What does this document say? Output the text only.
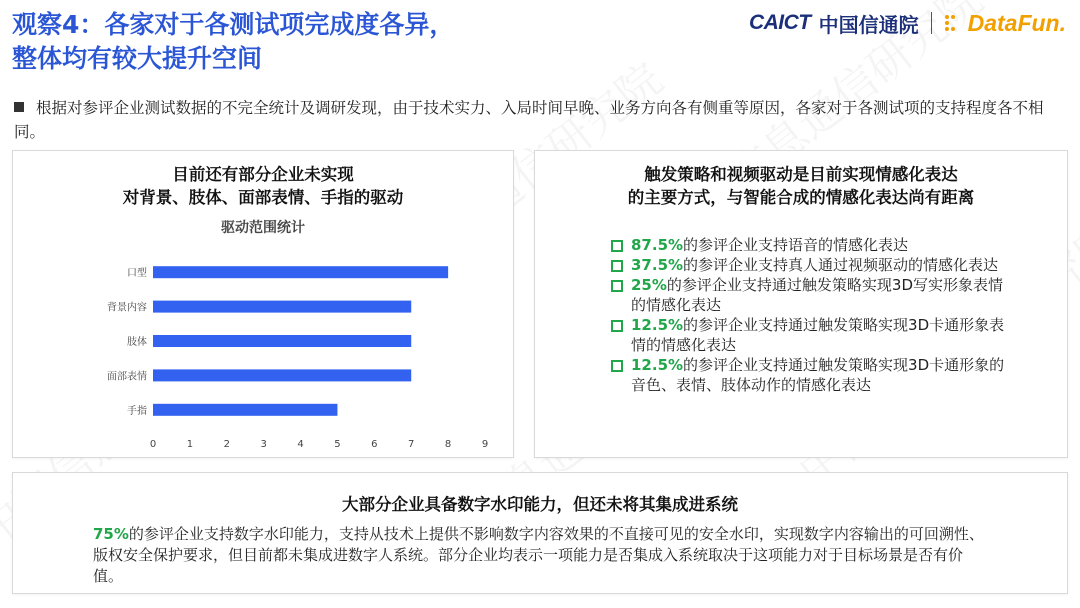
观察4：各家对于各测试项完成度各异，
整体均有较大提升空间
CAICT 中国信通院 DataFun.
根据对参评企业测试数据的不完全统计及调研发现，由于技术实力、入局时间早晚、业务方向各有侧重等原因，各家对于各测试项的支持程度各不相同。
目前还有部分企业未实现
对背景、肢体、面部表情、手指的驱动
驱动范围统计
口型
背景内容
肢体
面部表情
手指
0	1	2	3	4	5	6	7	8	9
触发策略和视频驱动是目前实现情感化表达
的主要方式，与智能合成的情感化表达尚有距离
87.5%的参评企业支持语音的情感化表达
37.5%的参评企业支持真人通过视频驱动的情感化表达
25%的参评企业支持通过触发策略实现3D写实形象表情的情感化表达
12.5%的参评企业支持通过触发策略实现3D卡通形象表情的情感化表达
12.5%的参评企业支持通过触发策略实现3D卡通形象的音色、表情、肢体动作的情感化表达
大部分企业具备数字水印能力，但还未将其集成进系统
75%的参评企业支持数字水印能力，支持从技术上提供不影响数字内容效果的不直接可见的安全水印，实现数字内容输出的可回溯性、版权安全保护要求，但目前都未集成进数字人系统。部分企业均表示一项能力是否集成入系统取决于这项能力对于目标场景是否有价值。
